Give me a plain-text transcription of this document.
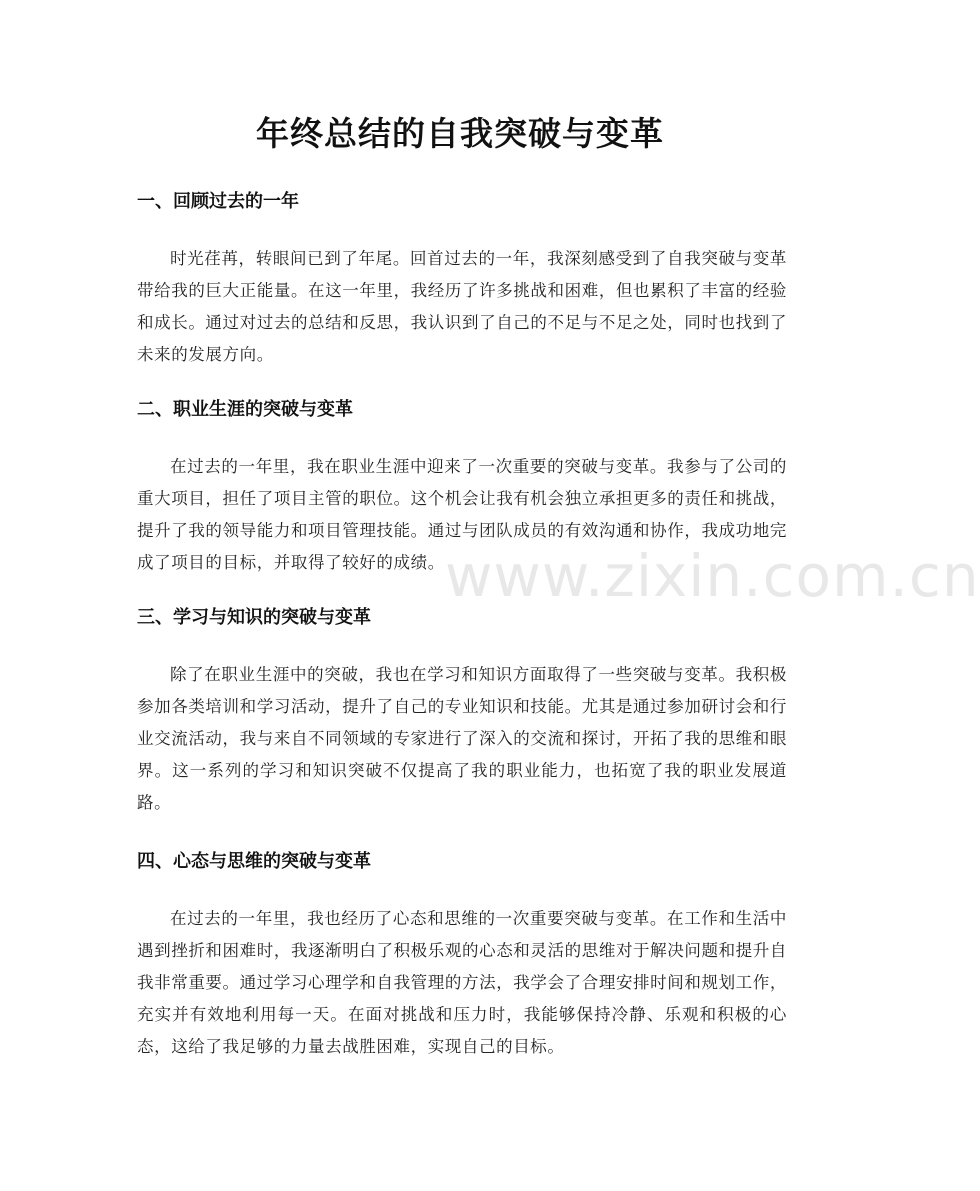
年终总结的自我突破与变革
一、回顾过去的一年

时光荏苒，转眼间已到了年尾。回首过去的一年，我深刻感受到了自我突破与变革带给我的巨大正能量。在这一年里，我经历了许多挑战和困难，但也累积了丰富的经验和成长。通过对过去的总结和反思，我认识到了自己的不足与不足之处，同时也找到了未来的发展方向。

二、职业生涯的突破与变革

在过去的一年里，我在职业生涯中迎来了一次重要的突破与变革。我参与了公司的重大项目，担任了项目主管的职位。这个机会让我有机会独立承担更多的责任和挑战，提升了我的领导能力和项目管理技能。通过与团队成员的有效沟通和协作，我成功地完成了项目的目标，并取得了较好的成绩。

三、学习与知识的突破与变革

除了在职业生涯中的突破，我也在学习和知识方面取得了一些突破与变革。我积极参加各类培训和学习活动，提升了自己的专业知识和技能。尤其是通过参加研讨会和行业交流活动，我与来自不同领域的专家进行了深入的交流和探讨，开拓了我的思维和眼界。这一系列的学习和知识突破不仅提高了我的职业能力，也拓宽了我的职业发展道路。

四、心态与思维的突破与变革

在过去的一年里，我也经历了心态和思维的一次重要突破与变革。在工作和生活中遇到挫折和困难时，我逐渐明白了积极乐观的心态和灵活的思维对于解决问题和提升自我非常重要。通过学习心理学和自我管理的方法，我学会了合理安排时间和规划工作，充实并有效地利用每一天。在面对挑战和压力时，我能够保持冷静、乐观和积极的心态，这给了我足够的力量去战胜困难，实现自己的目标。

www.zixin.com.cn
